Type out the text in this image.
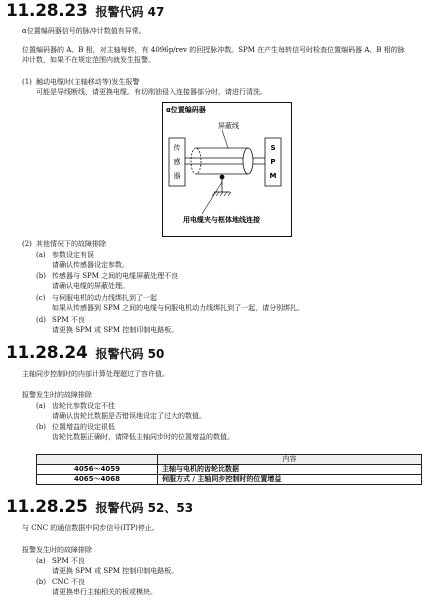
11.28.23 报警代码 47
α位置编码器信号的脉冲计数值有异常。
位置编码器的 A、B 相，对主轴每转，有 4096p/rev 的回授脉冲数。SPM 在产生每转信号时检查位置编码器 A、B 相的脉
冲计数，如果不在规定范围内就发生报警。
(1) 触动电缆时(主轴移动等)发生报警
可能是导线断线，请更换电缆。有切削油侵入连接器部分时，请进行清洗。
α位置编码器
屏蔽线
传
感
器
S
P
M
用电缆夹与框体地线连接
(2) 其他情况下的故障排除
(a) 参数设定有误
请确认传感器设定参数。
(b) 传感器与 SPM 之间的电缆屏蔽处理不良
请确认电缆的屏蔽处理。
(c) 与伺服电机的动力线绑扎到了一起
如果从传感器到 SPM 之间的电缆与伺服电机动力线绑扎到了一起，请分别绑扎。
(d) SPM 不良
请更换 SPM 或 SPM 控制印制电路板。
11.28.24 报警代码 50
主轴同步控制时的内部计算处理超过了容许值。
报警发生时的故障排除
(a) 齿轮比参数设定不佳
请确认齿轮比数据是否错误地设定了过大的数值。
(b) 位置增益的设定很低
齿轮比数据正确时，请降低主轴同步时的位置增益的数值。
	内容
4056～4059	主轴与电机的齿轮比数据
4065～4068	伺服方式 / 主轴同步控制时的位置增益
11.28.25 报警代码 52、53
与 CNC 的通信数据中同步信号(ITP)停止。
报警发生时的故障排除
(a) SPM 不良
请更换 SPM 或 SPM 控制印制电路板。
(b) CNC 不良
请更换串行主轴相关的板或模块。
